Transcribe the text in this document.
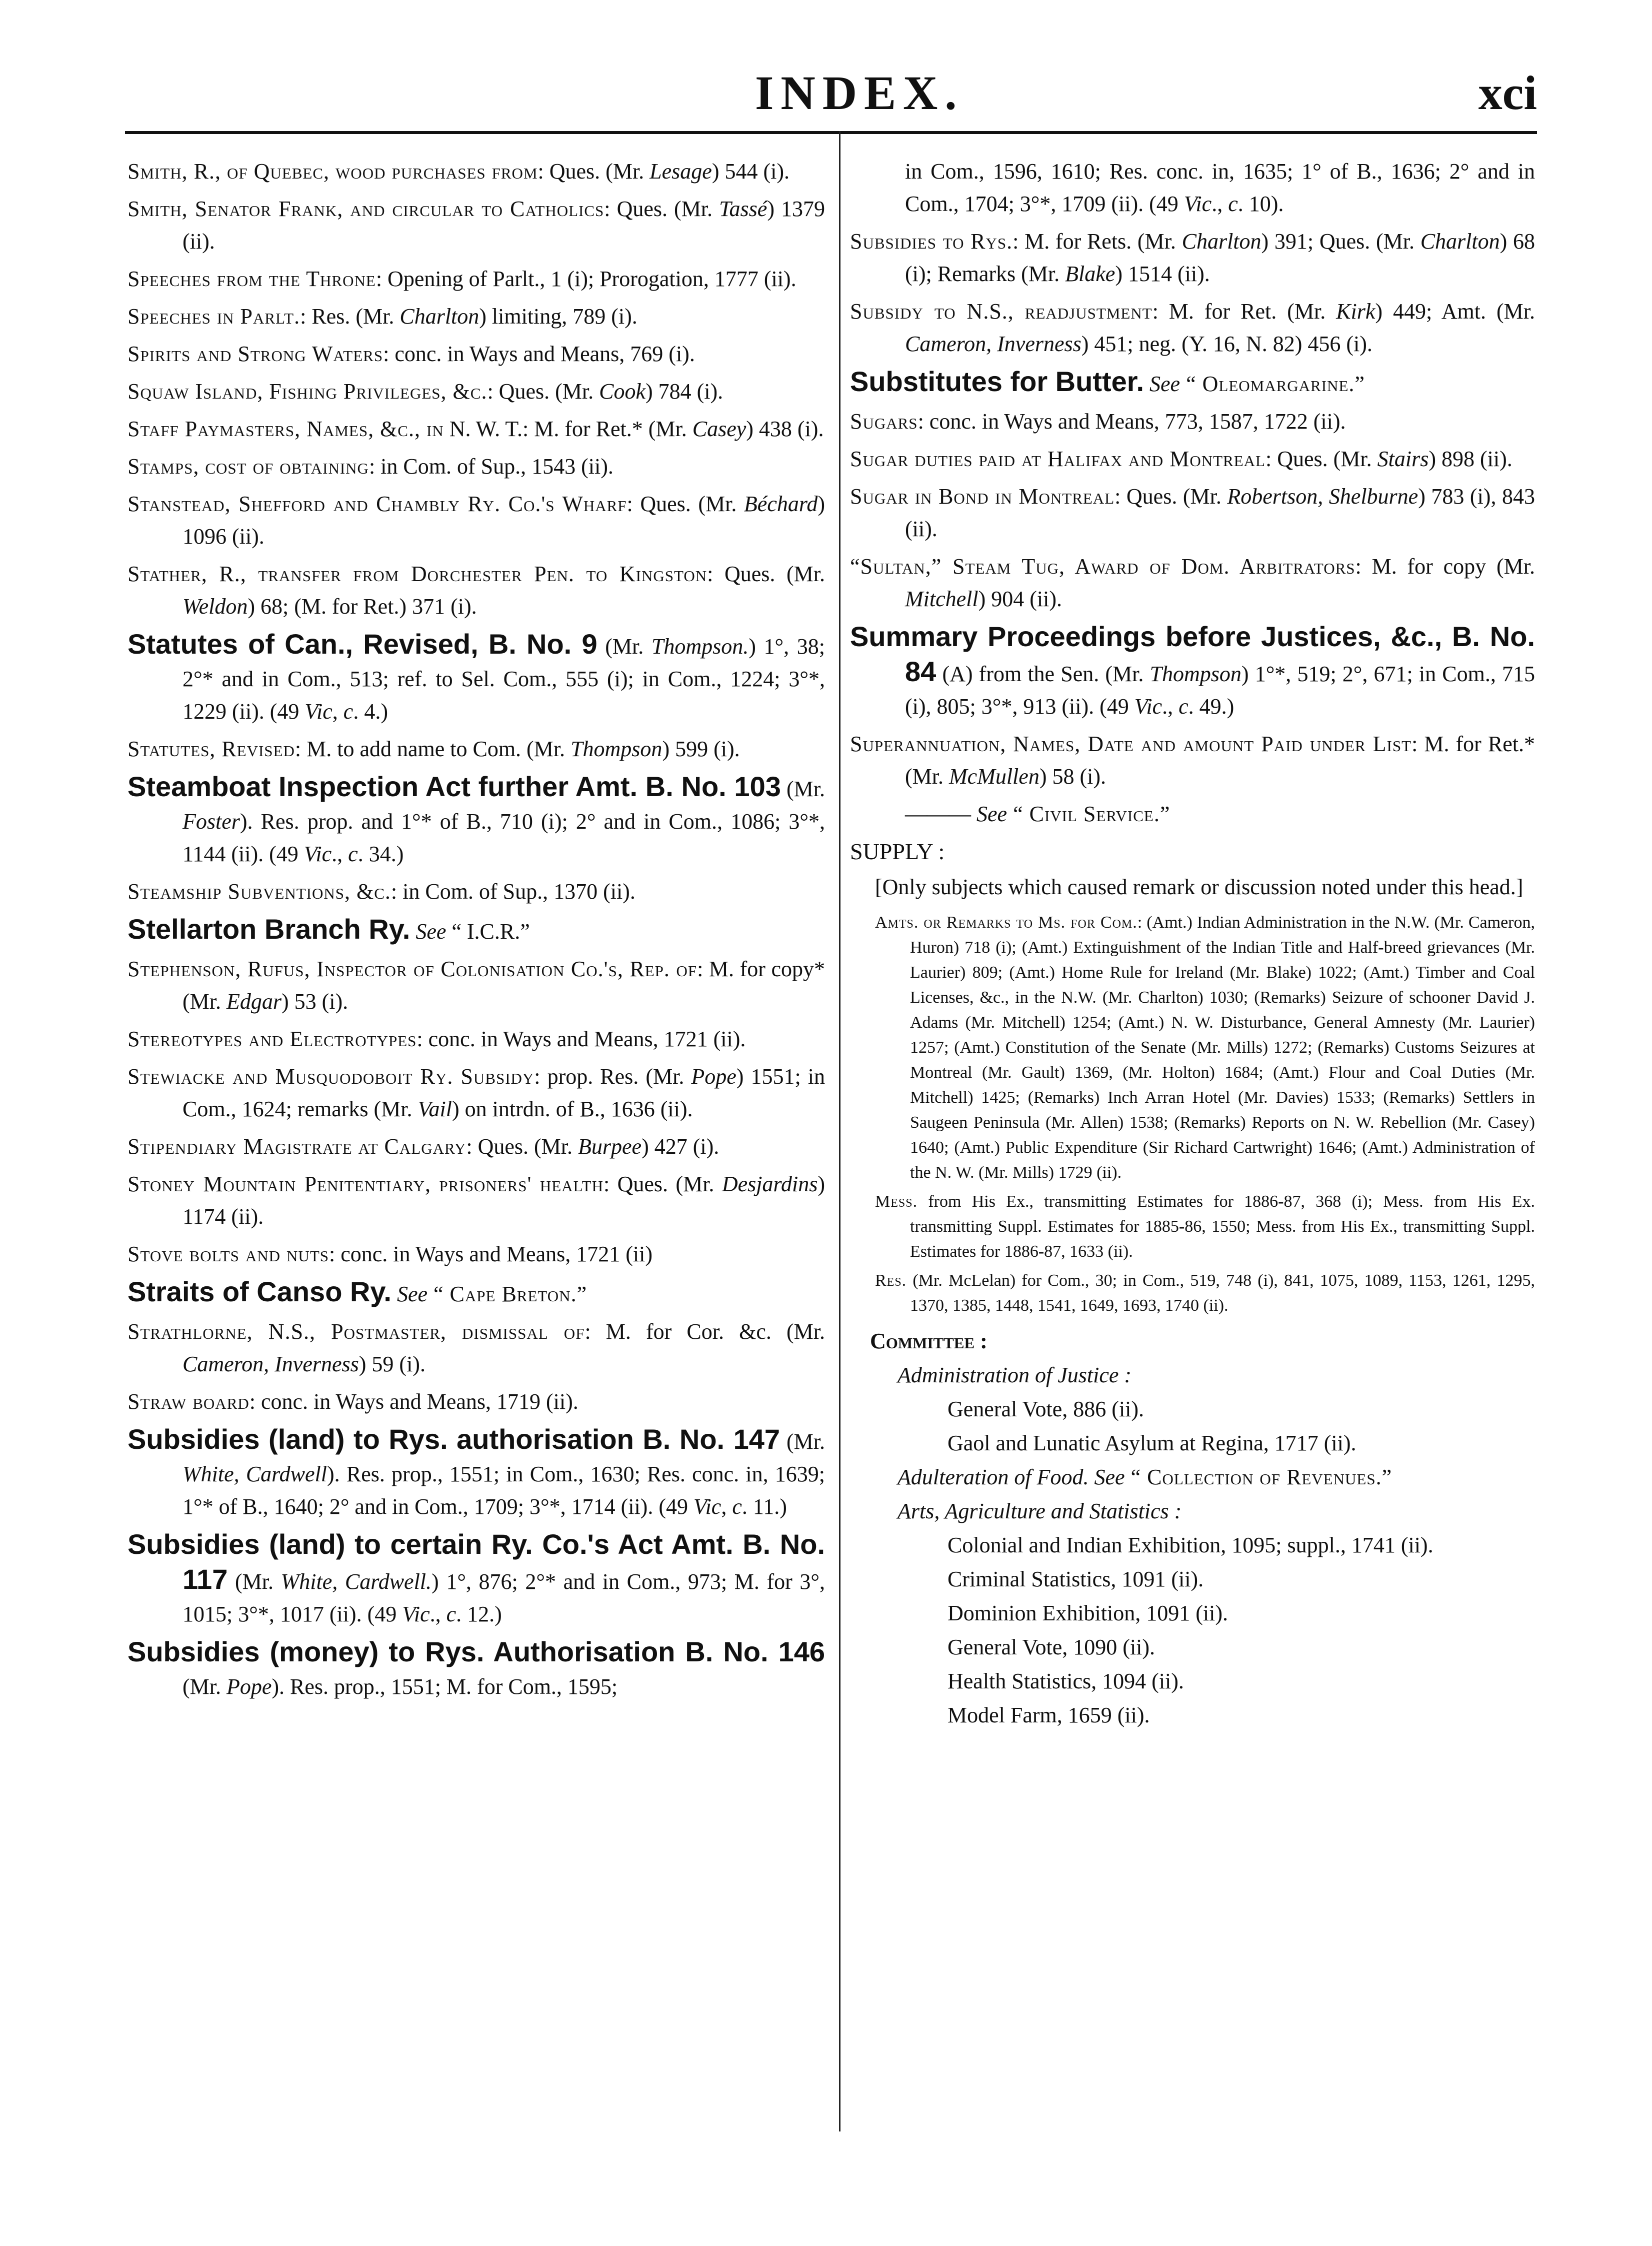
INDEX.	xci

Smith, R., of Quebec, wood purchases from: Ques. (Mr. Lesage) 544 (i).

Smith, Senator Frank, and circular to Catholics: Ques. (Mr. Tassé) 1379 (ii).

Speeches from the Throne: Opening of Parlt., 1 (i); Prorogation, 1777 (ii).

Speeches in Parlt.: Res. (Mr. Charlton) limiting, 789 (i).

Spirits and Strong Waters: conc. in Ways and Means, 769 (i).

Squaw Island, Fishing Privileges, &c.: Ques. (Mr. Cook) 784 (i).

Staff Paymasters, Names, &c., in N. W. T.: M. for Ret.* (Mr. Casey) 438 (i).

Stamps, cost of obtaining: in Com. of Sup., 1543 (ii).

Stanstead, Shefford and Chambly Ry. Co.'s Wharf: Ques. (Mr. Béchard) 1096 (ii).

Stather, R., transfer from Dorchester Pen. to Kingston: Ques. (Mr. Weldon) 68; (M. for Ret.) 371 (i).

Statutes of Can., Revised, B. No. 9 (Mr. Thompson.) 1°, 38; 2°* and in Com., 513; ref. to Sel. Com., 555 (i); in Com., 1224; 3°*, 1229 (ii). (49 Vic, c. 4.)

Statutes, Revised: M. to add name to Com. (Mr. Thompson) 599 (i).

Steamboat Inspection Act further Amt. B. No. 103 (Mr. Foster). Res. prop. and 1°* of B., 710 (i); 2° and in Com., 1086; 3°*, 1144 (ii). (49 Vic., c. 34.)

Steamship Subventions, &c.: in Com. of Sup., 1370 (ii).

Stellarton Branch Ry. See “ I.C.R.”

Stephenson, Rufus, Inspector of Colonisation Co.'s, Rep. of: M. for copy* (Mr. Edgar) 53 (i).

Stereotypes and Electrotypes: conc. in Ways and Means, 1721 (ii).

Stewiacke and Musquodoboit Ry. Subsidy: prop. Res. (Mr. Pope) 1551; in Com., 1624; remarks (Mr. Vail) on intrdn. of B., 1636 (ii).

Stipendiary Magistrate at Calgary: Ques. (Mr. Burpee) 427 (i).

Stoney Mountain Penitentiary, prisoners' health: Ques. (Mr. Desjardins) 1174 (ii).

Stove bolts and nuts: conc. in Ways and Means, 1721 (ii)

Straits of Canso Ry. See “ Cape Breton.”

Strathlorne, N.S., Postmaster, dismissal of: M. for Cor. &c. (Mr. Cameron, Inverness) 59 (i).

Straw board: conc. in Ways and Means, 1719 (ii).

Subsidies (land) to Rys. authorisation B. No. 147 (Mr. White, Cardwell). Res. prop., 1551; in Com., 1630; Res. conc. in, 1639; 1°* of B., 1640; 2° and in Com., 1709; 3°*, 1714 (ii). (49 Vic, c. 11.)

Subsidies (land) to certain Ry. Co.'s Act Amt. B. No. 117 (Mr. White, Cardwell.) 1°, 876; 2°* and in Com., 973; M. for 3°, 1015; 3°*, 1017 (ii). (49 Vic., c. 12.)

Subsidies (money) to Rys. Authorisation B. No. 146 (Mr. Pope). Res. prop., 1551; M. for Com., 1595;

in Com., 1596, 1610; Res. conc. in, 1635; 1° of B., 1636; 2° and in Com., 1704; 3°*, 1709 (ii). (49 Vic., c. 10).

Subsidies to Rys.: M. for Rets. (Mr. Charlton) 391; Ques. (Mr. Charlton) 68 (i); Remarks (Mr. Blake) 1514 (ii).

Subsidy to N.S., readjustment: M. for Ret. (Mr. Kirk) 449; Amt. (Mr. Cameron, Inverness) 451; neg. (Y. 16, N. 82) 456 (i).

Substitutes for Butter. See “ Oleomargarine.”

Sugars: conc. in Ways and Means, 773, 1587, 1722 (ii).

Sugar duties paid at Halifax and Montreal: Ques. (Mr. Stairs) 898 (ii).

Sugar in Bond in Montreal: Ques. (Mr. Robertson, Shelburne) 783 (i), 843 (ii).

“Sultan,” Steam Tug, Award of Dom. Arbitrators: M. for copy (Mr. Mitchell) 904 (ii).

Summary Proceedings before Justices, &c., B. No. 84 (A) from the Sen. (Mr. Thompson) 1°*, 519; 2°, 671; in Com., 715 (i), 805; 3°*, 913 (ii). (49 Vic., c. 49.)

Superannuation, Names, Date and amount Paid under List: M. for Ret.* (Mr. McMullen) 58 (i).

——— See “ Civil Service.”

SUPPLY :

[Only subjects which caused remark or discussion noted under this head.]

Amts. or Remarks to Ms. for Com.: (Amt.) Indian Administration in the N.W. (Mr. Cameron, Huron) 718 (i); (Amt.) Extinguishment of the Indian Title and Half-breed grievances (Mr. Laurier) 809; (Amt.) Home Rule for Ireland (Mr. Blake) 1022; (Amt.) Timber and Coal Licenses, &c., in the N.W. (Mr. Charlton) 1030; (Remarks) Seizure of schooner David J. Adams (Mr. Mitchell) 1254; (Amt.) N. W. Disturbance, General Amnesty (Mr. Laurier) 1257; (Amt.) Constitution of the Senate (Mr. Mills) 1272; (Remarks) Customs Seizures at Montreal (Mr. Gault) 1369, (Mr. Holton) 1684; (Amt.) Flour and Coal Duties (Mr. Mitchell) 1425; (Remarks) Inch Arran Hotel (Mr. Davies) 1533; (Remarks) Settlers in Saugeen Peninsula (Mr. Allen) 1538; (Remarks) Reports on N. W. Rebellion (Mr. Casey) 1640; (Amt.) Public Expenditure (Sir Richard Cartwright) 1646; (Amt.) Administration of the N. W. (Mr. Mills) 1729 (ii).

Mess. from His Ex., transmitting Estimates for 1886-87, 368 (i); Mess. from His Ex. transmitting Suppl. Estimates for 1885-86, 1550; Mess. from His Ex., transmitting Suppl. Estimates for 1886-87, 1633 (ii).

Res. (Mr. McLelan) for Com., 30; in Com., 519, 748 (i), 841, 1075, 1089, 1153, 1261, 1295, 1370, 1385, 1448, 1541, 1649, 1693, 1740 (ii).

Committee :

Administration of Justice :

General Vote, 886 (ii).

Gaol and Lunatic Asylum at Regina, 1717 (ii).

Adulteration of Food. See “ Collection of Revenues.”

Arts, Agriculture and Statistics :

Colonial and Indian Exhibition, 1095; suppl., 1741 (ii).

Criminal Statistics, 1091 (ii).

Dominion Exhibition, 1091 (ii).

General Vote, 1090 (ii).

Health Statistics, 1094 (ii).

Model Farm, 1659 (ii).
